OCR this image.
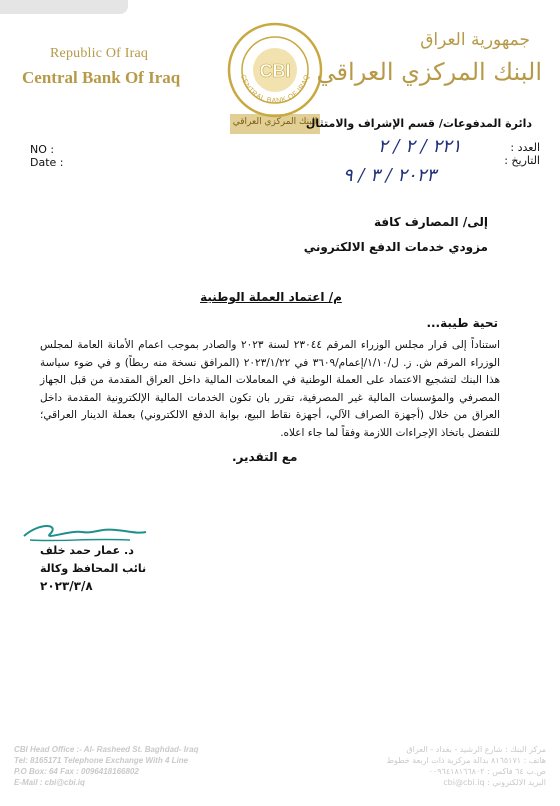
Republic Of Iraq
Central Bank Of Iraq	CBI
CENTRAL BANK OF IRAQ
جمهورية العراق
البنك المركزي العراقي
البنك المركزي العراقي
دائرة المدفوعات/ قسم الإشراف والامتثال
NO :
Date :
العدد :
التاريخ :
٢٢١ / ٢ / ٢
٢٠٢٣ / ٣ / ٩
إلى/ المصارف كافة
مزودي خدمات الدفع الالكتروني
م/ اعتماد العملة الوطنية
تحية طيبة...
استناداً إلى قرار مجلس الوزراء المرقم ٢٣٠٤٤ لسنة ٢٠٢٣ والصادر بموجب اعمام الأمانة العامة لمجلس الوزراء المرقم ش. ز. ل/١/١٠/إعمام/٣٦٠٩ في ٢٠٢٣/١/٢٢ (المرافق نسخة منه ربطاً) و في ضوء سياسة هذا البنك لتشجيع الاعتماد على العملة الوطنية في المعاملات المالية داخل العراق المقدمة من قبل الجهاز المصرفي والمؤسسات المالية غير المصرفية، تقرر بان تكون الخدمات المالية الإلكترونية المقدمة داخل العراق من خلال (أجهزة الصراف الآلي، أجهزة نقاط البيع، بوابة الدفع الالكتروني) بعملة الدينار العراقي؛ للتفضل باتخاذ الإجراءات اللازمة وفقاً لما جاء اعلاه.
مع التقدير.
د. عمار حمد خلف
نائب المحافظ وكالة
٢٠٢٣/٣/٨
CBI Head Office :- Al- Rasheed St. Baghdad- Iraq
Tel: 8165171 Telephone Exchange With 4 Line
P.O Box: 64 Fax : 0096418166802
E-Mail : cbi@cbi.iq
مركز البنك : شارع الرشيد - بغداد - العراق
هاتف : ٨١٦٥١٧١ بدالة مركزية ذات اربعة خطوط
ص.ب ٦٤ فاكس : ٠٠٩٦٤١٨١٦٦٨٠٢
البريد الالكتروني : cbi@cbi.iq
